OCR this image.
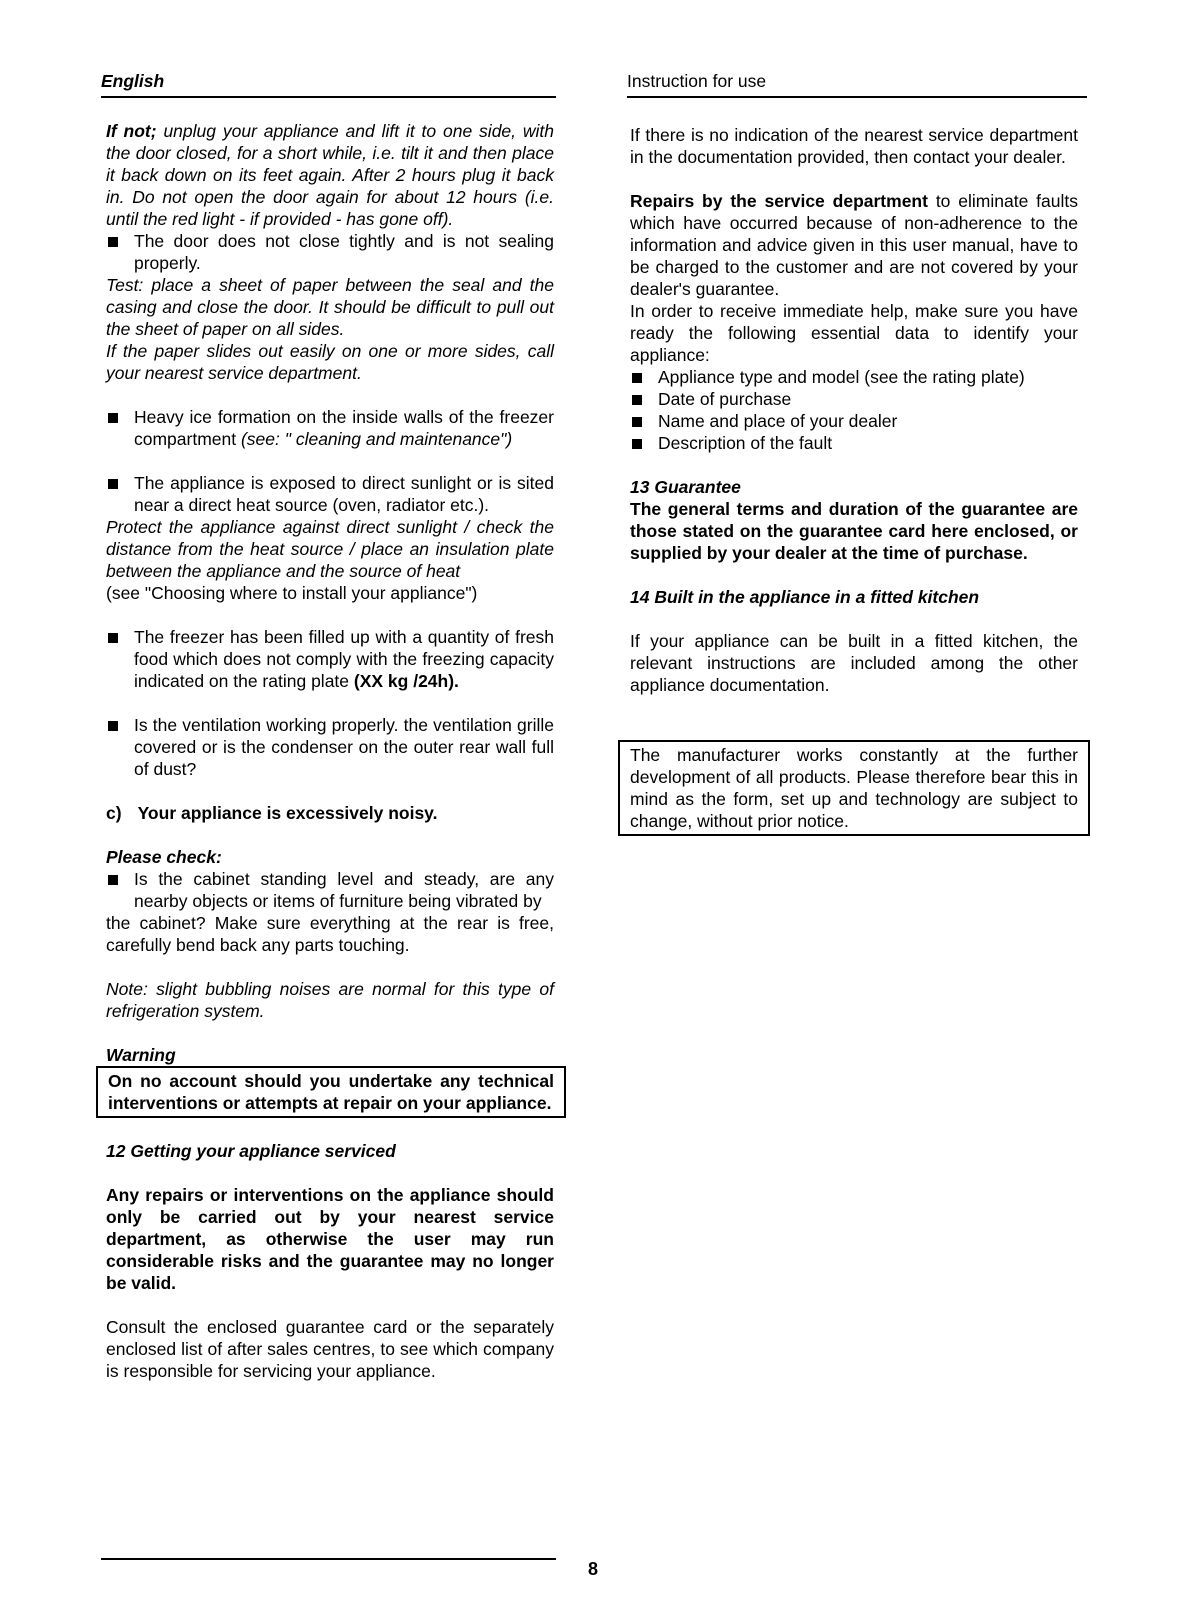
English	Instruction for use

If not; unplug your appliance and lift it to one side, with the door closed, for a short while, i.e. tilt it and then place it back down on its feet again. After 2 hours plug it back in. Do not open the door again for about 12 hours (i.e. until the red light - if provided - has gone off).

The door does not close tightly and is not sealing properly.

Test: place a sheet of paper between the seal and the casing and close the door. It should be difficult to pull out the sheet of paper on all sides.

If the paper slides out easily on one or more sides, call your nearest service department.

Heavy ice formation on the inside walls of the freezer compartment (see: " cleaning and maintenance")
The appliance is exposed to direct sunlight or is sited near a direct heat source (oven, radiator etc.).

Protect the appliance against direct sunlight / check the distance from the heat source / place an insulation plate between the appliance and the source of heat

(see "Choosing where to install your appliance")

The freezer has been filled up with a quantity of fresh food which does not comply with the freezing capacity indicated on the rating plate (XX kg /24h).
Is the ventilation working properly. the ventilation grille covered or is the condenser on the outer rear wall full of dust?

c) Your appliance is excessively noisy.

Please check:

Is the cabinet standing level and steady, are any nearby objects or items of furniture being vibrated by

the cabinet? Make sure everything at the rear is free, carefully bend back any parts touching.

Note: slight bubbling noises are normal for this type of refrigeration system.

Warning

On no account should you undertake any technical interventions or attempts at repair on your appliance.

12 Getting your appliance serviced

Any repairs or interventions on the appliance should only be carried out by your nearest service department, as otherwise the user may run considerable risks and the guarantee may no longer be valid.

Consult the enclosed guarantee card or the separately enclosed list of after sales centres, to see which company is responsible for servicing your appliance.

If there is no indication of the nearest service department in the documentation provided, then contact your dealer.

Repairs by the service department to eliminate faults which have occurred because of non-adherence to the information and advice given in this user manual, have to be charged to the customer and are not covered by your dealer's guarantee.

In order to receive immediate help, make sure you have ready the following essential data to identify your appliance:

Appliance type and model (see the rating plate)
Date of purchase
Name and place of your dealer
Description of the fault

13 Guarantee

The general terms and duration of the guarantee are those stated on the guarantee card here enclosed, or supplied by your dealer at the time of purchase.

14 Built in the appliance in a fitted kitchen

If your appliance can be built in a fitted kitchen, the relevant instructions are included among the other appliance documentation.

The manufacturer works constantly at the further development of all products. Please therefore bear this in mind as the form, set up and technology are subject to change, without prior notice.
8
